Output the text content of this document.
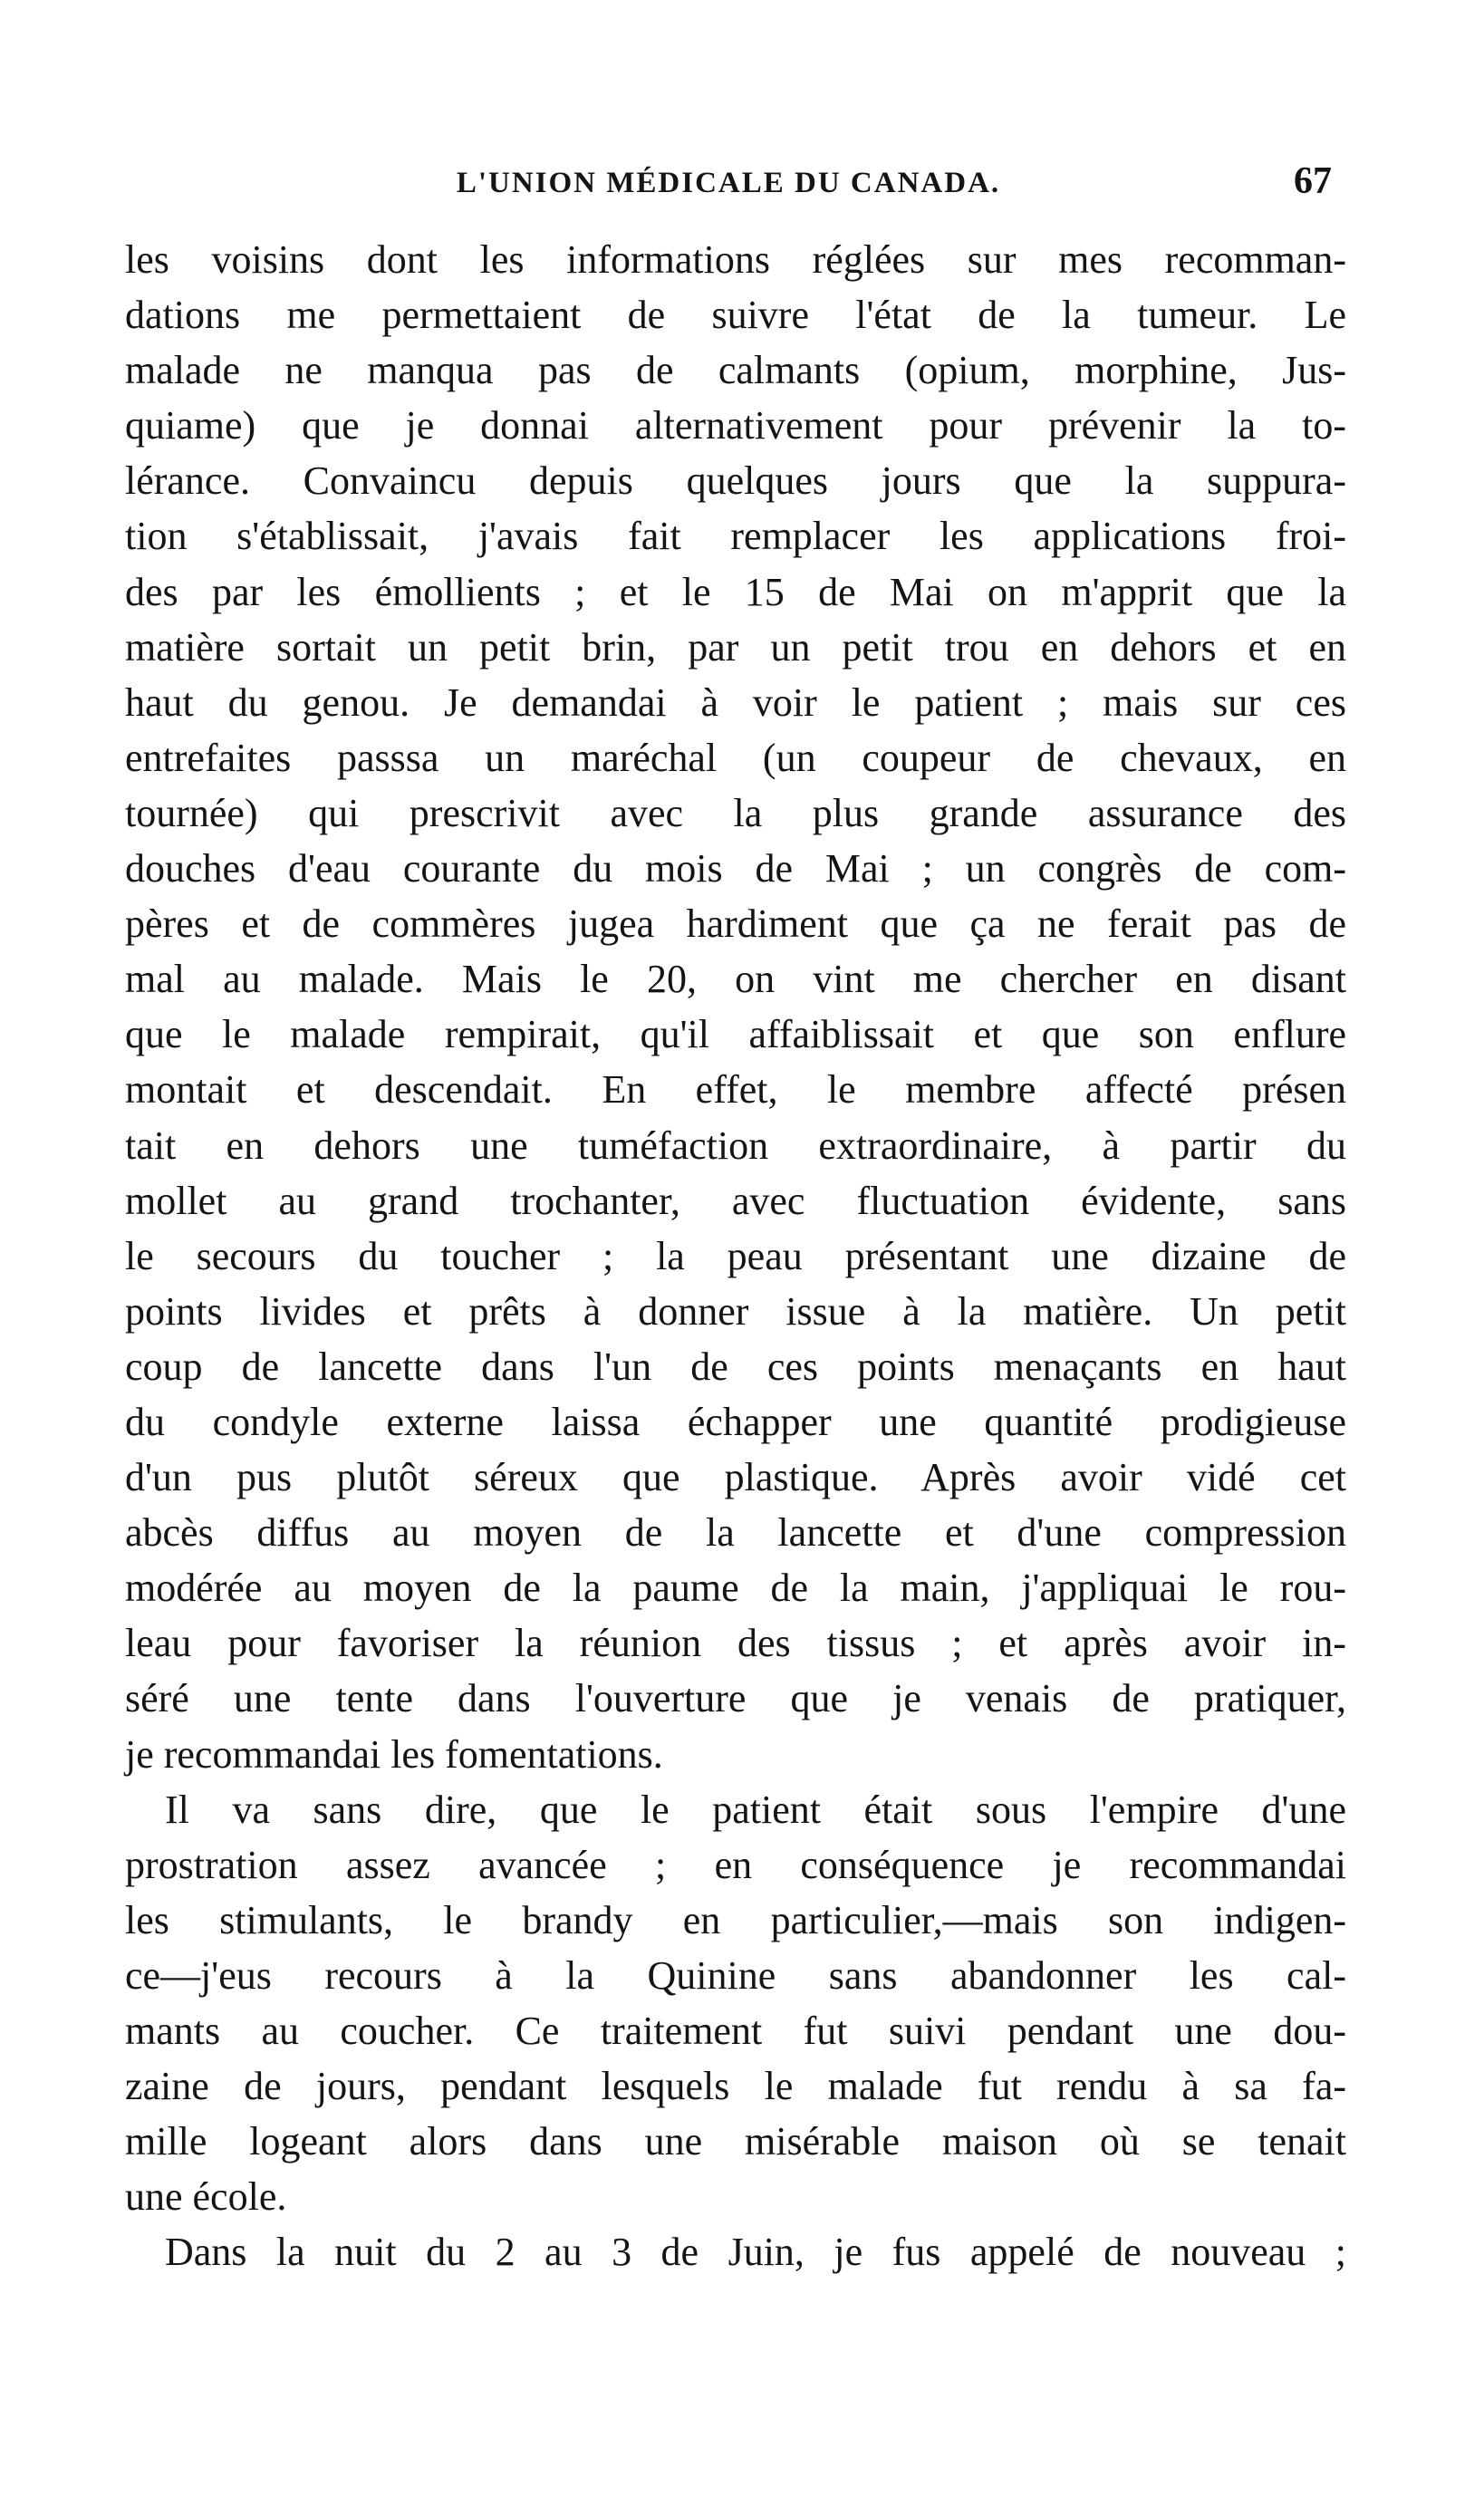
L'UNION MÉDICALE DU CANADA.	67
les voisins dont les informations réglées sur mes recomman-
dations me permettaient de suivre l'état de la tumeur. Le
malade ne manqua pas de calmants (opium, morphine, Jus-
quiame) que je donnai alternativement pour prévenir la to-
lérance. Convaincu depuis quelques jours que la suppura-
tion s'établissait, j'avais fait remplacer les applications froi-
des par les émollients ; et le 15 de Mai on m'apprit que la
matière sortait un petit brin, par un petit trou en dehors et en
haut du genou. Je demandai à voir le patient ; mais sur ces
entrefaites passsa un maréchal (un coupeur de chevaux, en
tournée) qui prescrivit avec la plus grande assurance des
douches d'eau courante du mois de Mai ; un congrès de com-
pères et de commères jugea hardiment que ça ne ferait pas de
mal au malade. Mais le 20, on vint me chercher en disant
que le malade rempirait, qu'il affaiblissait et que son enflure
montait et descendait. En effet, le membre affecté présen
tait en dehors une tuméfaction extraordinaire, à partir du
mollet au grand trochanter, avec fluctuation évidente, sans
le secours du toucher ; la peau présentant une dizaine de
points livides et prêts à donner issue à la matière. Un petit
coup de lancette dans l'un de ces points menaçants en haut
du condyle externe laissa échapper une quantité prodigieuse
d'un pus plutôt séreux que plastique. Après avoir vidé cet
abcès diffus au moyen de la lancette et d'une compression
modérée au moyen de la paume de la main, j'appliquai le rou-
leau pour favoriser la réunion des tissus ; et après avoir in-
séré une tente dans l'ouverture que je venais de pratiquer,
je recommandai les fomentations.
Il va sans dire, que le patient était sous l'empire d'une
prostration assez avancée ; en conséquence je recommandai
les stimulants, le brandy en particulier,—mais son indigen-
ce—j'eus recours à la Quinine sans abandonner les cal-
mants au coucher. Ce traitement fut suivi pendant une dou-
zaine de jours, pendant lesquels le malade fut rendu à sa fa-
mille logeant alors dans une misérable maison où se tenait
une école.
Dans la nuit du 2 au 3 de Juin, je fus appelé de nouveau ;
